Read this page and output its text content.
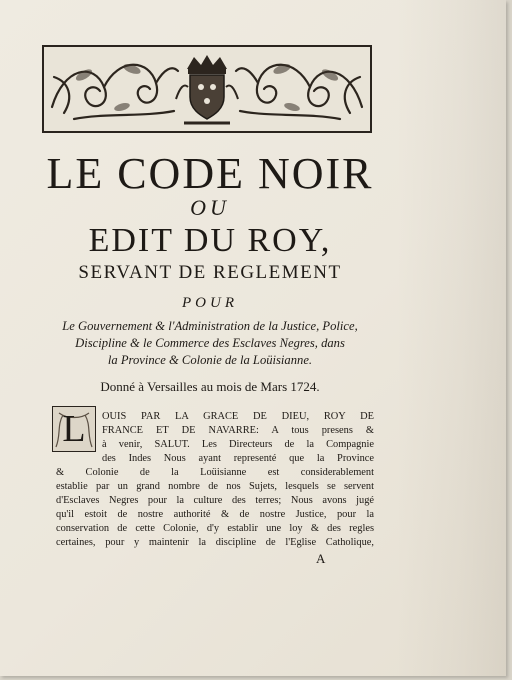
LE CODE NOIR
OU
EDIT DU ROY,
SERVANT DE REGLEMENT
POUR
Le Gouvernement & l'Administration de la Justice, Police,
Discipline & le Commerce des Esclaves Negres, dans
la Province & Colonie de la Loüisianne.
Donné à Versailles au mois de Mars 1724.
L	OUIS PAR LA GRACE DE DIEU, ROY DE
FRANCE ET DE NAVARRE: A tous presens &
à venir, SALUT. Les Directeurs de la Compagnie
des Indes Nous ayant representé que la Province
& Colonie de la Loüisianne est considerablement
establie par un grand nombre de nos Sujets, lesquels se servent
d'Esclaves Negres pour la culture des terres; Nous avons jugé
qu'il estoit de nostre authorité & de nostre Justice, pour la
conservation de cette Colonie, d'y establir une loy & des regles
certaines, pour y maintenir la discipline de l'Eglise Catholique,
A
